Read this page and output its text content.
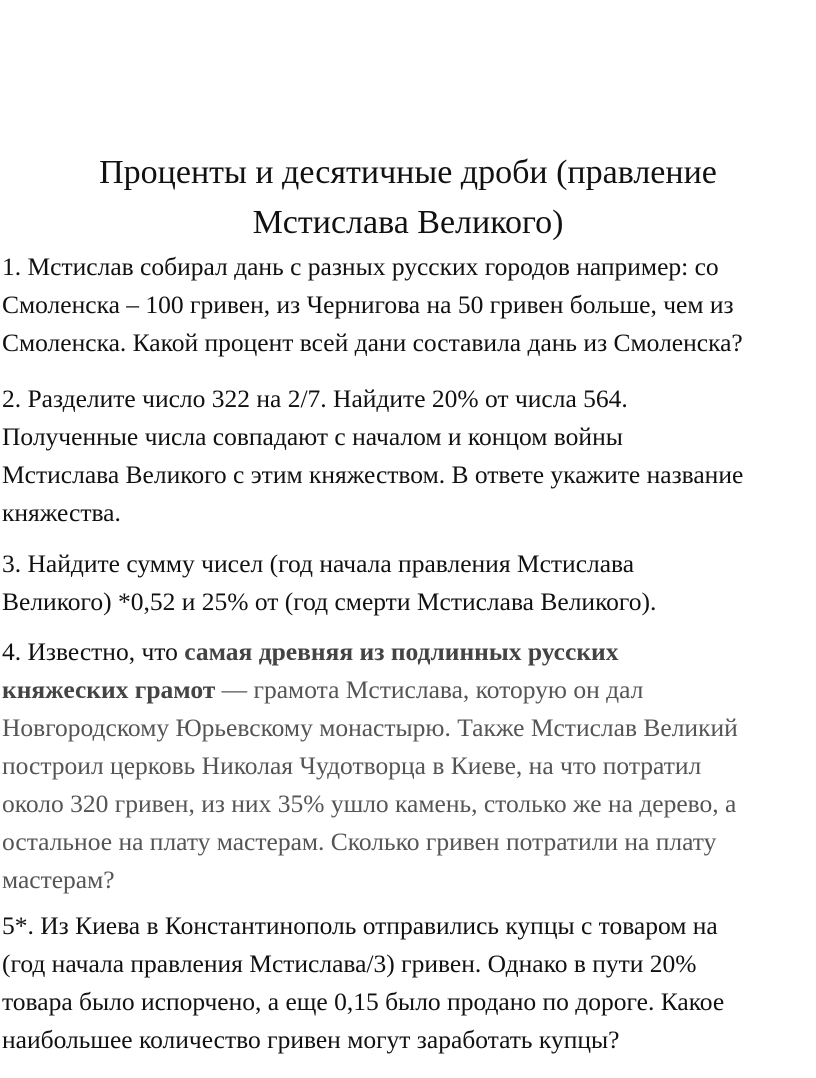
Проценты и десятичные дроби (правление
Мстислава Великого)

1. Мстислав собирал дань с разных русских городов например: со
Смоленска – 100 гривен, из Чернигова на 50 гривен больше, чем из
Смоленска. Какой процент всей дани составила дань из Смоленска?

2. Разделите число 322 на 2/7. Найдите 20% от числа 564.
Полученные числа совпадают с началом и концом войны
Мстислава Великого с этим княжеством. В ответе укажите название
княжества.

3. Найдите сумму чисел (год начала правления Мстислава
Великого) *0,52 и 25% от (год смерти Мстислава Великого).

4. Известно, что самая древняя из подлинных русских
княжеских грамот — грамота Мстислава, которую он дал
Новгородскому Юрьевскому монастырю. Также Мстислав Великий
построил церковь Николая Чудотворца в Киеве, на что потратил
около 320 гривен, из них 35% ушло камень, столько же на дерево, а
остальное на плату мастерам. Сколько гривен потратили на плату
мастерам?

5*. Из Киева в Константинополь отправились купцы с товаром на
(год начала правления Мстислава/3) гривен. Однако в пути 20%
товара было испорчено, а еще 0,15 было продано по дороге. Какое
наибольшее количество гривен могут заработать купцы?
